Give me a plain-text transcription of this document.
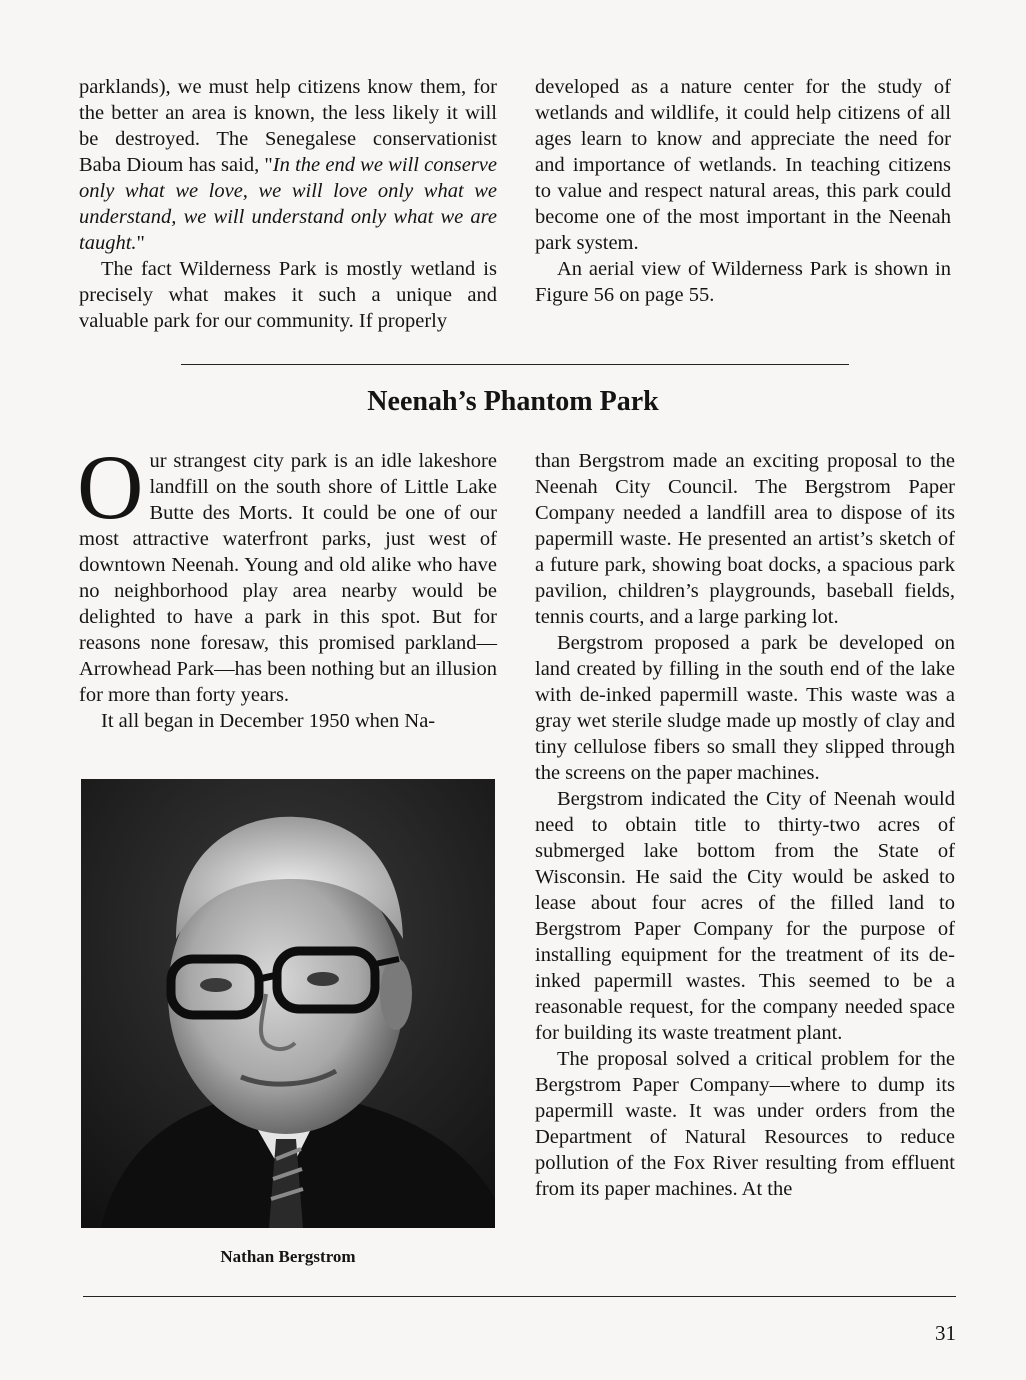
parklands), we must help citizens know them, for the better an area is known, the less likely it will be destroyed. The Senegalese conservationist Baba Dioum has said, "In the end we will conserve only what we love, we will love only what we understand, we will understand only what we are taught."

The fact Wilderness Park is mostly wetland is precisely what makes it such a unique and valuable park for our community. If properly

developed as a nature center for the study of wetlands and wildlife, it could help citizens of all ages learn to know and appreciate the need for and importance of wetlands. In teaching citizens to value and respect natural areas, this park could become one of the most important in the Neenah park system.

An aerial view of Wilderness Park is shown in Figure 56 on page 55.

Neenah’s Phantom Park

Our strangest city park is an idle lakeshore landfill on the south shore of Little Lake Butte des Morts. It could be one of our most attractive waterfront parks, just west of downtown Neenah. Young and old alike who have no neighborhood play area nearby would be delighted to have a park in this spot. But for reasons none foresaw, this promised parkland—Arrowhead Park—has been nothing but an illusion for more than forty years.

It all began in December 1950 when Na-

Nathan Bergstrom

than Bergstrom made an exciting proposal to the Neenah City Council. The Bergstrom Paper Company needed a landfill area to dispose of its papermill waste. He presented an artist’s sketch of a future park, showing boat docks, a spacious park pavilion, children’s playgrounds, baseball fields, tennis courts, and a large parking lot.

Bergstrom proposed a park be developed on land created by filling in the south end of the lake with de-inked papermill waste. This waste was a gray wet sterile sludge made up mostly of clay and tiny cellulose fibers so small they slipped through the screens on the paper machines.

Bergstrom indicated the City of Neenah would need to obtain title to thirty-two acres of submerged lake bottom from the State of Wisconsin. He said the City would be asked to lease about four acres of the filled land to Bergstrom Paper Company for the purpose of installing equipment for the treatment of its de-inked papermill wastes. This seemed to be a reasonable request, for the company needed space for building its waste treatment plant.

The proposal solved a critical problem for the Bergstrom Paper Company—where to dump its papermill waste. It was under orders from the Department of Natural Resources to reduce pollution of the Fox River resulting from effluent from its paper machines. At the

31
